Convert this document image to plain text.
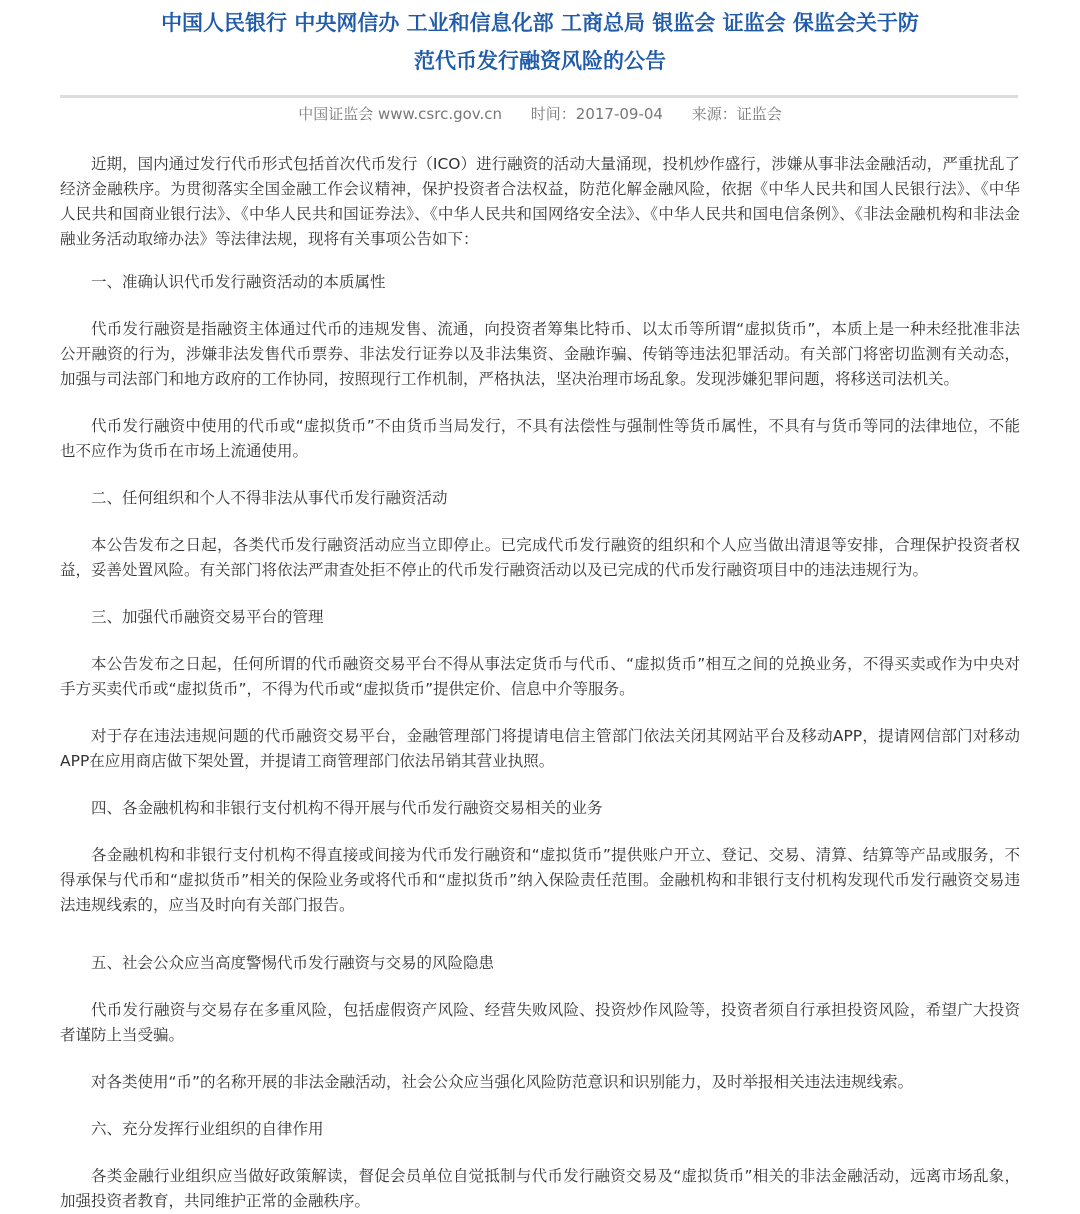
中国人民银行 中央网信办 工业和信息化部 工商总局 银监会 证监会 保监会关于防
范代币发行融资风险的公告
中国证监会 www.csrc.gov.cn 时间：2017-09-04 来源：证监会

近期，国内通过发行代币形式包括首次代币发行（ICO）进行融资的活动大量涌现，投机炒作盛行，涉嫌从事非法金融活动，严重扰乱了经济金融秩序。为贯彻落实全国金融工作会议精神，保护投资者合法权益，防范化解金融风险，依据《中华人民共和国人民银行法》、《中华人民共和国商业银行法》、《中华人民共和国证券法》、《中华人民共和国网络安全法》、《中华人民共和国电信条例》、《非法金融机构和非法金融业务活动取缔办法》等法律法规，现将有关事项公告如下：

一、准确认识代币发行融资活动的本质属性

代币发行融资是指融资主体通过代币的违规发售、流通，向投资者筹集比特币、以太币等所谓“虚拟货币”，本质上是一种未经批准非法公开融资的行为，涉嫌非法发售代币票券、非法发行证券以及非法集资、金融诈骗、传销等违法犯罪活动。有关部门将密切监测有关动态，加强与司法部门和地方政府的工作协同，按照现行工作机制，严格执法，坚决治理市场乱象。发现涉嫌犯罪问题，将移送司法机关。

代币发行融资中使用的代币或“虚拟货币”不由货币当局发行，不具有法偿性与强制性等货币属性，不具有与货币等同的法律地位，不能也不应作为货币在市场上流通使用。

二、任何组织和个人不得非法从事代币发行融资活动

本公告发布之日起，各类代币发行融资活动应当立即停止。已完成代币发行融资的组织和个人应当做出清退等安排，合理保护投资者权益，妥善处置风险。有关部门将依法严肃查处拒不停止的代币发行融资活动以及已完成的代币发行融资项目中的违法违规行为。

三、加强代币融资交易平台的管理

本公告发布之日起，任何所谓的代币融资交易平台不得从事法定货币与代币、“虚拟货币”相互之间的兑换业务，不得买卖或作为中央对手方买卖代币或“虚拟货币”，不得为代币或“虚拟货币”提供定价、信息中介等服务。

对于存在违法违规问题的代币融资交易平台，金融管理部门将提请电信主管部门依法关闭其网站平台及移动APP，提请网信部门对移动APP在应用商店做下架处置，并提请工商管理部门依法吊销其营业执照。

四、各金融机构和非银行支付机构不得开展与代币发行融资交易相关的业务

各金融机构和非银行支付机构不得直接或间接为代币发行融资和“虚拟货币”提供账户开立、登记、交易、清算、结算等产品或服务，不得承保与代币和“虚拟货币”相关的保险业务或将代币和“虚拟货币”纳入保险责任范围。金融机构和非银行支付机构发现代币发行融资交易违法违规线索的，应当及时向有关部门报告。

五、社会公众应当高度警惕代币发行融资与交易的风险隐患

代币发行融资与交易存在多重风险，包括虚假资产风险、经营失败风险、投资炒作风险等，投资者须自行承担投资风险，希望广大投资者谨防上当受骗。

对各类使用“币”的名称开展的非法金融活动，社会公众应当强化风险防范意识和识别能力，及时举报相关违法违规线索。

六、充分发挥行业组织的自律作用

各类金融行业组织应当做好政策解读，督促会员单位自觉抵制与代币发行融资交易及“虚拟货币”相关的非法金融活动，远离市场乱象，加强投资者教育，共同维护正常的金融秩序。
